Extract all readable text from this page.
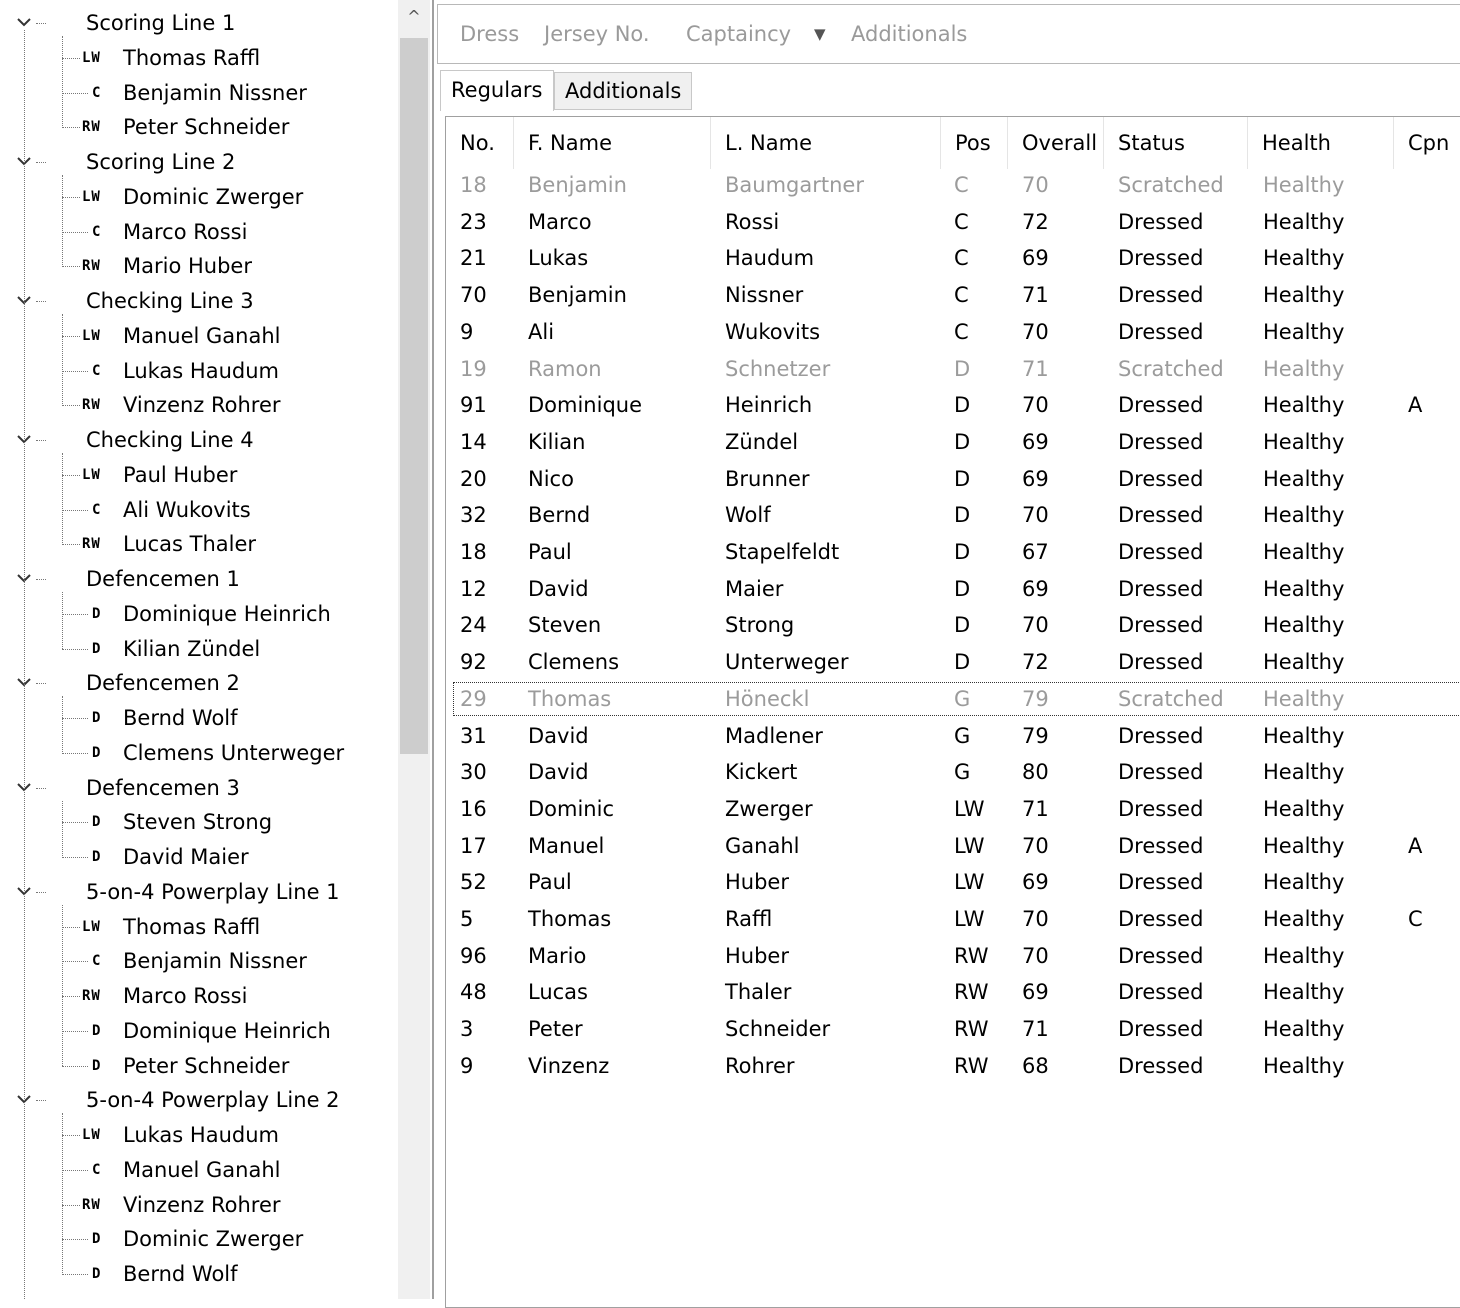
Scoring Line 1
LW Thomas Raffl
C Benjamin Nissner
RW Peter Schneider
Scoring Line 2
LW Dominic Zwerger
C Marco Rossi
RW Mario Huber
Checking Line 3
LW Manuel Ganahl
C Lukas Haudum
RW Vinzenz Rohrer
Checking Line 4
LW Paul Huber
C Ali Wukovits
RW Lucas Thaler
Defencemen 1
D Dominique Heinrich
D Kilian Zündel
Defencemen 2
D Bernd Wolf
D Clemens Unterweger
Defencemen 3
D Steven Strong
D David Maier
5-on-4 Powerplay Line 1
LW Thomas Raffl
C Benjamin Nissner
RW Marco Rossi
D Dominique Heinrich
D Peter Schneider
5-on-4 Powerplay Line 2
LW Lukas Haudum
C Manuel Ganahl
RW Vinzenz Rohrer
D Dominic Zwerger
D Bernd Wolf
^
Dress Jersey No. Captaincy ▼ Additionals
Regulars	Additionals
No.	F. Name	L. Name	Pos	Overall Status	Health	Cpn
18 Benjamin	Baumgartner	C	70	Scratched Healthy
23 Marco	Rossi	C	72	Dressed	Healthy
21 Lukas	Haudum	C	69	Dressed	Healthy
70 Benjamin	Nissner	C	71	Dressed	Healthy
9	Ali	Wukovits	C	70	Dressed	Healthy
19 Ramon	Schnetzer	D 71	Scratched Healthy
91 Dominique	Heinrich	D 70	Dressed	Healthy	A
14 Kilian	Zündel	D 69	Dressed	Healthy
20 Nico	Brunner	D 69	Dressed	Healthy
32 Bernd	Wolf	D 70	Dressed	Healthy
18 Paul	Stapelfeldt	D 67	Dressed	Healthy
12 David	Maier	D 69	Dressed	Healthy
24 Steven	Strong	D 70	Dressed	Healthy
92 Clemens	Unterweger	D 72	Dressed	Healthy
29 Thomas	Höneckl	G 79	Scratched Healthy
31 David	Madlener	G 79	Dressed	Healthy
30 David	Kickert	G 80	Dressed	Healthy
16 Dominic	Zwerger	LW 71	Dressed	Healthy
17 Manuel	Ganahl	LW 70	Dressed	Healthy	A
52 Paul	Huber	LW 69	Dressed	Healthy
5	Thomas	Raffl	LW 70	Dressed	Healthy	C
96 Mario	Huber	RW 70	Dressed	Healthy
48 Lucas	Thaler	RW 69	Dressed	Healthy
3	Peter	Schneider	RW 71	Dressed	Healthy
9	Vinzenz	Rohrer	RW 68	Dressed	Healthy
